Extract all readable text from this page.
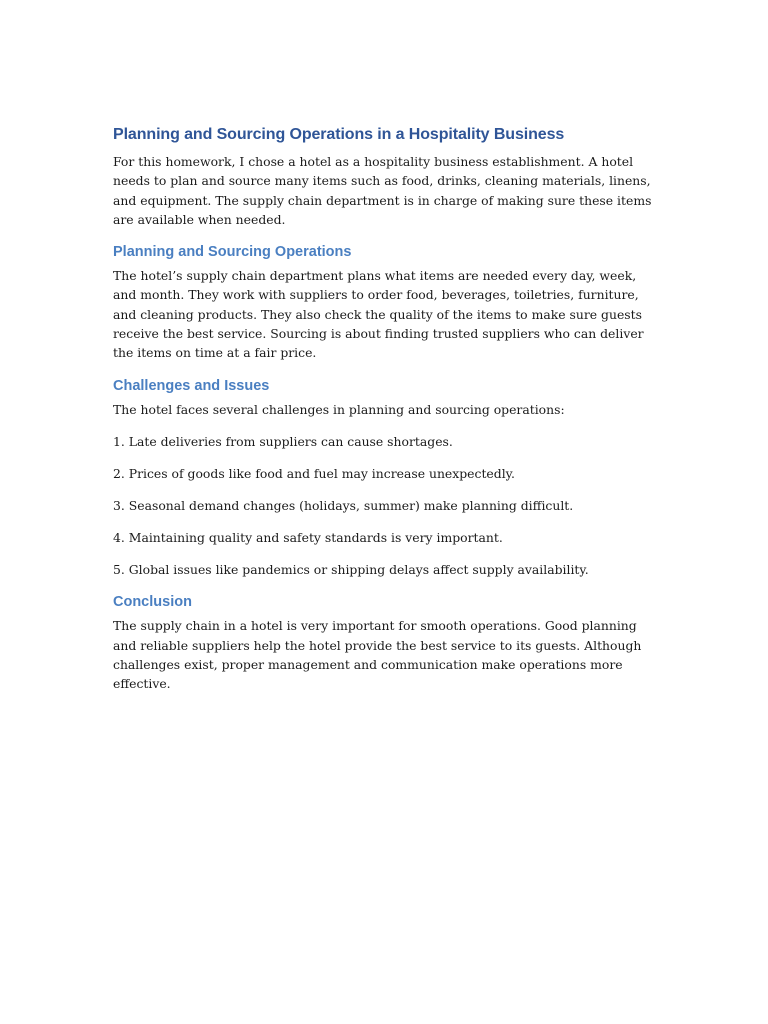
Planning and Sourcing Operations in a Hospitality Business

For this homework, I chose a hotel as a hospitality business establishment. A hotel needs to plan and source many items such as food, drinks, cleaning materials, linens, and equipment. The supply chain department is in charge of making sure these items are available when needed.

Planning and Sourcing Operations

The hotel’s supply chain department plans what items are needed every day, week, and month. They work with suppliers to order food, beverages, toiletries, furniture, and cleaning products. They also check the quality of the items to make sure guests receive the best service. Sourcing is about finding trusted suppliers who can deliver the items on time at a fair price.

Challenges and Issues

The hotel faces several challenges in planning and sourcing operations:

1. Late deliveries from suppliers can cause shortages.

2. Prices of goods like food and fuel may increase unexpectedly.

3. Seasonal demand changes (holidays, summer) make planning difficult.

4. Maintaining quality and safety standards is very important.

5. Global issues like pandemics or shipping delays affect supply availability.

Conclusion

The supply chain in a hotel is very important for smooth operations. Good planning and reliable suppliers help the hotel provide the best service to its guests. Although challenges exist, proper management and communication make operations more effective.
